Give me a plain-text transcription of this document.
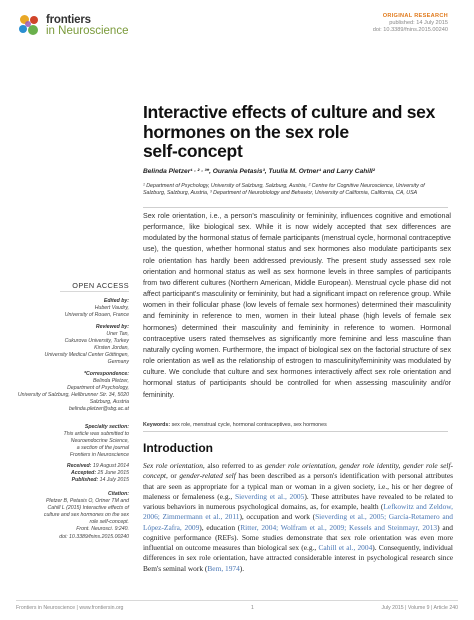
frontiers
in Neuroscience
ORIGINAL RESEARCH
published: 14 July 2015
doi: 10.3389/fnins.2015.00240
Interactive effects of culture and sex
hormones on the sex role
self-concept
Belinda Pletzer¹ · ² · ³*, Ourania Petasis³, Tuulia M. Ortner¹ and Larry Cahill²
¹ Department of Psychology, University of Salzburg, Salzburg, Austria, ² Centre for Cognitive Neuroscience, University of Salzburg, Salzburg, Austria, ³ Department of Neurobiology and Behavior, University of California, California, CA, USA
Sex role orientation, i.e., a person's masculinity or femininity, influences cognitive and emotional performance, like biological sex. While it is now widely accepted that sex differences are modulated by the hormonal status of female participants (menstrual cycle, hormonal contraceptive use), the question, whether hormonal status and sex hormones also modulate participants sex role orientation has hardly been addressed previously. The present study assessed sex role orientation and hormonal status as well as sex hormone levels in three samples of participants from two different cultures (Northern American, Middle European). Menstrual cycle phase did not affect participant's masculinity or femininity, but had a significant impact on reference group. While women in their follicular phase (low levels of female sex hormones) determined their masculinity and femininity in reference to men, women in their luteal phase (high levels of female sex hormones) determined their masculinity and femininity in reference to women. Hormonal contraceptive users rated themselves as significantly more feminine and less masculine than naturally cycling women. Furthermore, the impact of biological sex on the factorial structure of sex role orientation as well as the relationship of estrogen to masculinity/femininity was modulated by culture. We conclude that culture and sex hormones interactively affect sex role orientation and hormonal status of participants should be controlled for when assessing masculinity and/or femininity.
Keywords: sex role, menstrual cycle, hormonal contraceptives, sex hormones
Introduction
Sex role orientation, also referred to as gender role orientation, gender role identity, gender role self-concept, or gender-related self has been described as a person's identification with personal attributes that are seen as appropriate for a typical man or woman in a given society, i.e., his or her degree of maleness or femaleness (e.g., Sieverding et al., 2005). These attributes have revealed to be related to various behaviors in numerous psychological domains, as, for example, health (Lefkowitz and Zeldow, 2006; Zimmermann et al., 2011), occupation and work (Sieverding et al., 2005; García-Retamero and López-Zafra, 2009), education (Ritter, 2004; Wolfram et al., 2009; Kessels and Steinmayr, 2013) and cognitive performance (REFs). Some studies demonstrate that sex role orientation was even more influential on outcome measures than biological sex (e.g., Cahill et al., 2004). Consequently, individual differences in sex role orientation, have attracted considerable interest in psychological research since Bem's seminal work (Bem, 1974).
OPEN ACCESS
Edited by:
Hubert Vaudry,
University of Rouen, France
Reviewed by:
Uner Tan,
Cukurova University, Turkey
Kirsten Jordan,
University Medical Center Göttingen,
Germany
*Correspondence:
Belinda Pletzer,
Department of Psychology,
University of Salzburg, Hellbrunner Str. 34, 5020
Salzburg, Austria
belinda.pletzer@sbg.ac.at
Specialty section:
This article was submitted to
Neuroendocrine Science,
a section of the journal
Frontiers in Neuroscience
Received: 19 August 2014
Accepted: 25 June 2015
Published: 14 July 2015
Citation:
Pletzer B, Petasis O, Ortner TM and
Cahill L (2015) Interactive effects of
culture and sex hormones on the sex
role self-concept.
Front. Neurosci. 9:240.
doi: 10.3389/fnins.2015.00240
Frontiers in Neuroscience | www.frontiersin.org	1	July 2015 | Volume 9 | Article 240
